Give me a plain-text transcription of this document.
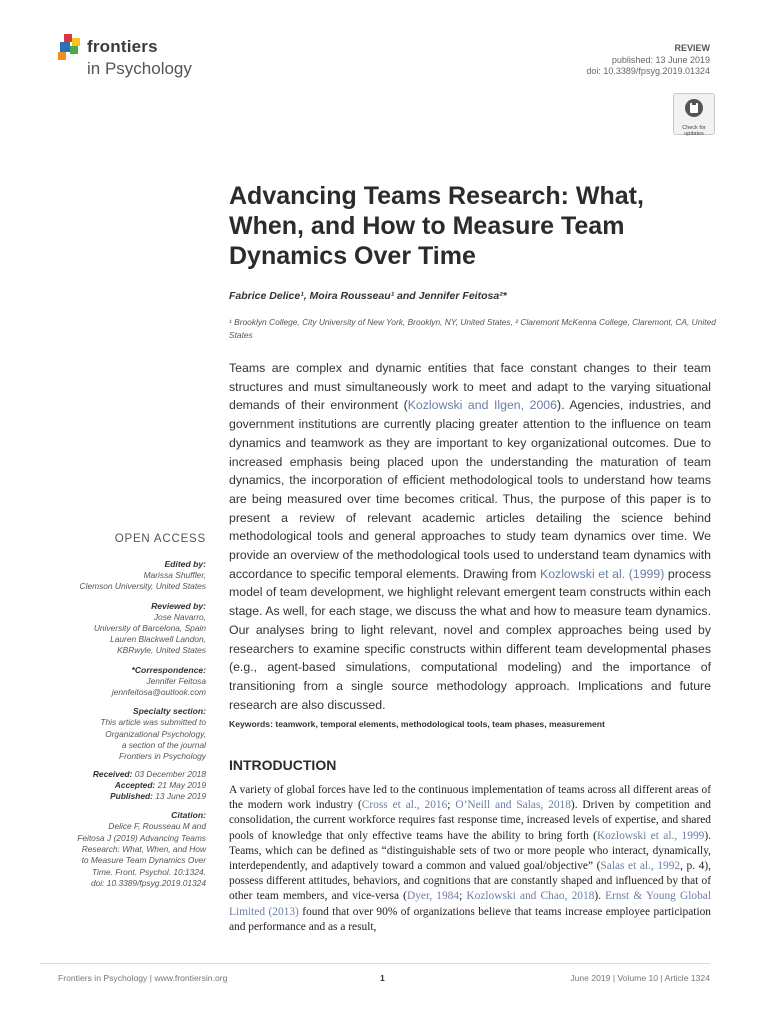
frontiers
in Psychology
REVIEW
published: 13 June 2019
doi: 10.3389/fpsyg.2019.01324
Check for updates
Advancing Teams Research: What, When, and How to Measure Team Dynamics Over Time
Fabrice Delice¹, Moira Rousseau¹ and Jennifer Feitosa²*
¹ Brooklyn College, City University of New York, Brooklyn, NY, United States, ² Claremont McKenna College, Claremont, CA, United States

Teams are complex and dynamic entities that face constant changes to their team structures and must simultaneously work to meet and adapt to the varying situational demands of their environment (Kozlowski and Ilgen, 2006). Agencies, industries, and government institutions are currently placing greater attention to the influence on team dynamics and teamwork as they are important to key organizational outcomes. Due to increased emphasis being placed upon the understanding the maturation of team dynamics, the incorporation of efficient methodological tools to understand how teams are being measured over time becomes critical. Thus, the purpose of this paper is to present a review of relevant academic articles detailing the science behind methodological tools and general approaches to study team dynamics over time. We provide an overview of the methodological tools used to understand team dynamics with accordance to specific temporal elements. Drawing from Kozlowski et al. (1999) process model of team development, we highlight relevant emergent team constructs within each stage. As well, for each stage, we discuss the what and how to measure team dynamics. Our analyses bring to light relevant, novel and complex approaches being used by researchers to examine specific constructs within different team developmental phases (e.g., agent-based simulations, computational modeling) and the importance of transitioning from a single source methodology approach. Implications and future research are also discussed.

Keywords: teamwork, temporal elements, methodological tools, team phases, measurement
OPEN ACCESS
Edited by:
Marissa Shuffler,
Clemson University, United States
Reviewed by:
Jose Navarro,
University of Barcelona, Spain
Lauren Blackwell Landon,
KBRwyle, United States
*Correspondence:
Jennifer Feitosa
jennfeitosa@outlook.com
Specialty section:
This article was submitted to
Organizational Psychology,
a section of the journal
Frontiers in Psychology
Received: 03 December 2018
Accepted: 21 May 2019
Published: 13 June 2019
Citation:
Delice F, Rousseau M and
Feitosa J (2019) Advancing Teams
Research: What, When, and How
to Measure Team Dynamics Over
Time. Front. Psychol. 10:1324.
doi: 10.3389/fpsyg.2019.01324
INTRODUCTION

A variety of global forces have led to the continuous implementation of teams across all different areas of the modern work industry (Cross et al., 2016; O’Neill and Salas, 2018). Driven by competition and consolidation, the current workforce requires fast response time, increased levels of expertise, and shared pools of knowledge that only effective teams have the ability to bring forth (Kozlowski et al., 1999). Teams, which can be defined as “distinguishable sets of two or more people who interact, dynamically, interdependently, and adaptively toward a common and valued goal/objective” (Salas et al., 1992, p. 4), possess different attitudes, behaviors, and cognitions that are constantly shaped and influenced by that of other team members, and vice-versa (Dyer, 1984; Kozlowski and Chao, 2018). Ernst & Young Global Limited (2013) found that over 90% of organizations believe that teams increase employee participation and performance and as a result,

Frontiers in Psychology | www.frontiersin.org	1	June 2019 | Volume 10 | Article 1324
